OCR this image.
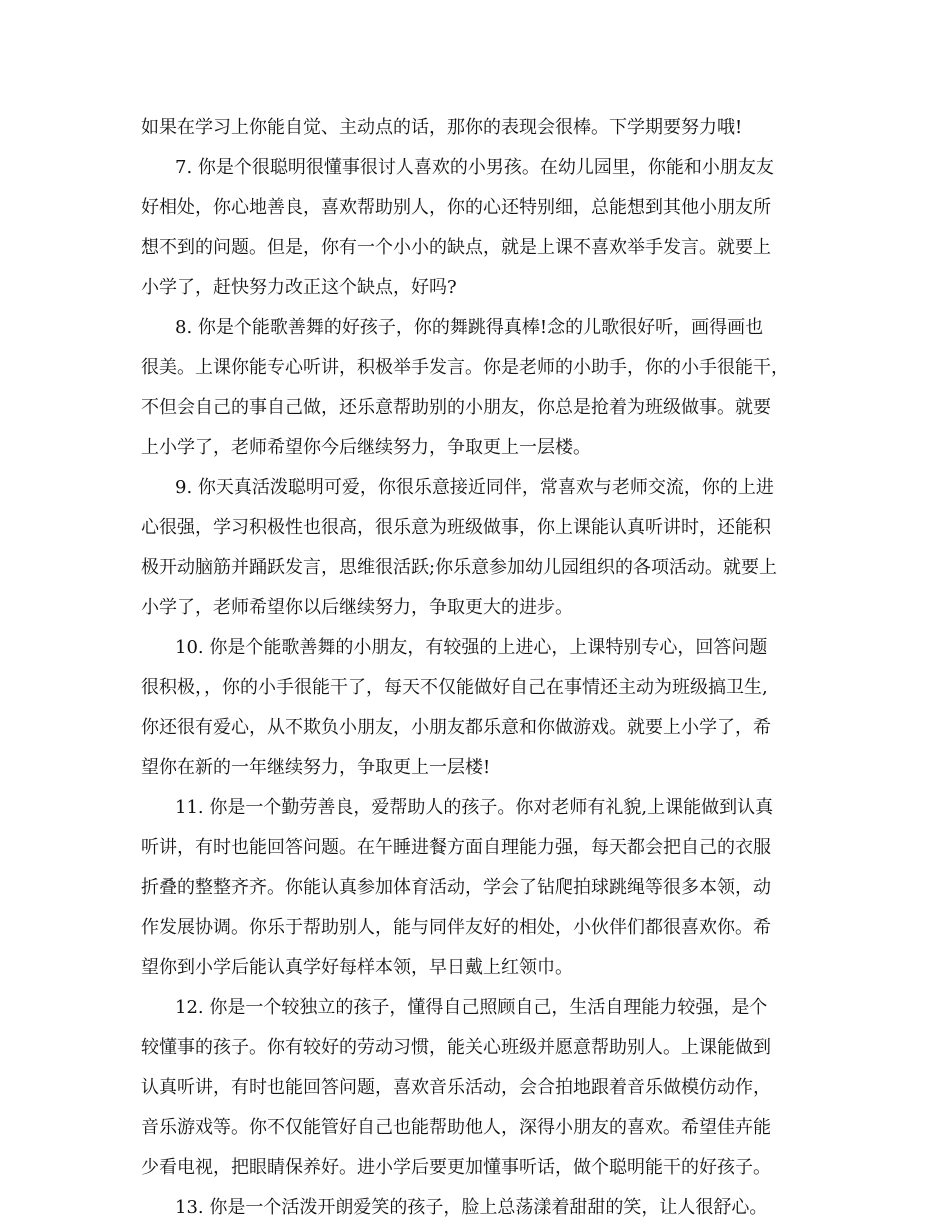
如果在学习上你能自觉、主动点的话，那你的表现会很棒。下学期要努力哦!
7. 你是个很聪明很懂事很讨人喜欢的小男孩。在幼儿园里，你能和小朋友友
好相处，你心地善良，喜欢帮助别人，你的心还特别细，总能想到其他小朋友所
想不到的问题。但是，你有一个小小的缺点，就是上课不喜欢举手发言。就要上
小学了，赶快努力改正这个缺点，好吗?
8. 你是个能歌善舞的好孩子，你的舞跳得真棒!念的儿歌很好听，画得画也
很美。上课你能专心听讲，积极举手发言。你是老师的小助手，你的小手很能干，
不但会自己的事自己做，还乐意帮助别的小朋友，你总是抢着为班级做事。就要
上小学了，老师希望你今后继续努力，争取更上一层楼。
9. 你天真活泼聪明可爱，你很乐意接近同伴，常喜欢与老师交流，你的上进
心很强，学习积极性也很高，很乐意为班级做事，你上课能认真听讲时，还能积
极开动脑筋并踊跃发言，思维很活跃;你乐意参加幼儿园组织的各项活动。就要上
小学了，老师希望你以后继续努力，争取更大的进步。
10. 你是个能歌善舞的小朋友，有较强的上进心，上课特别专心，回答问题
很积极，，你的小手很能干了，每天不仅能做好自己在事情还主动为班级搞卫生,
你还很有爱心，从不欺负小朋友，小朋友都乐意和你做游戏。就要上小学了，希
望你在新的一年继续努力，争取更上一层楼!
11. 你是一个勤劳善良，爱帮助人的孩子。你对老师有礼貌,上课能做到认真
听讲，有时也能回答问题。在午睡进餐方面自理能力强，每天都会把自己的衣服
折叠的整整齐齐。你能认真参加体育活动，学会了钻爬拍球跳绳等很多本领，动
作发展协调。你乐于帮助别人，能与同伴友好的相处，小伙伴们都很喜欢你。希
望你到小学后能认真学好每样本领，早日戴上红领巾。
12. 你是一个较独立的孩子，懂得自己照顾自己，生活自理能力较强，是个
较懂事的孩子。你有较好的劳动习惯，能关心班级并愿意帮助别人。上课能做到
认真听讲，有时也能回答问题，喜欢音乐活动，会合拍地跟着音乐做模仿动作，
音乐游戏等。你不仅能管好自己也能帮助他人，深得小朋友的喜欢。希望佳卉能
少看电视，把眼睛保养好。进小学后要更加懂事听话，做个聪明能干的好孩子。
13. 你是一个活泼开朗爱笑的孩子，脸上总荡漾着甜甜的笑，让人很舒心。
